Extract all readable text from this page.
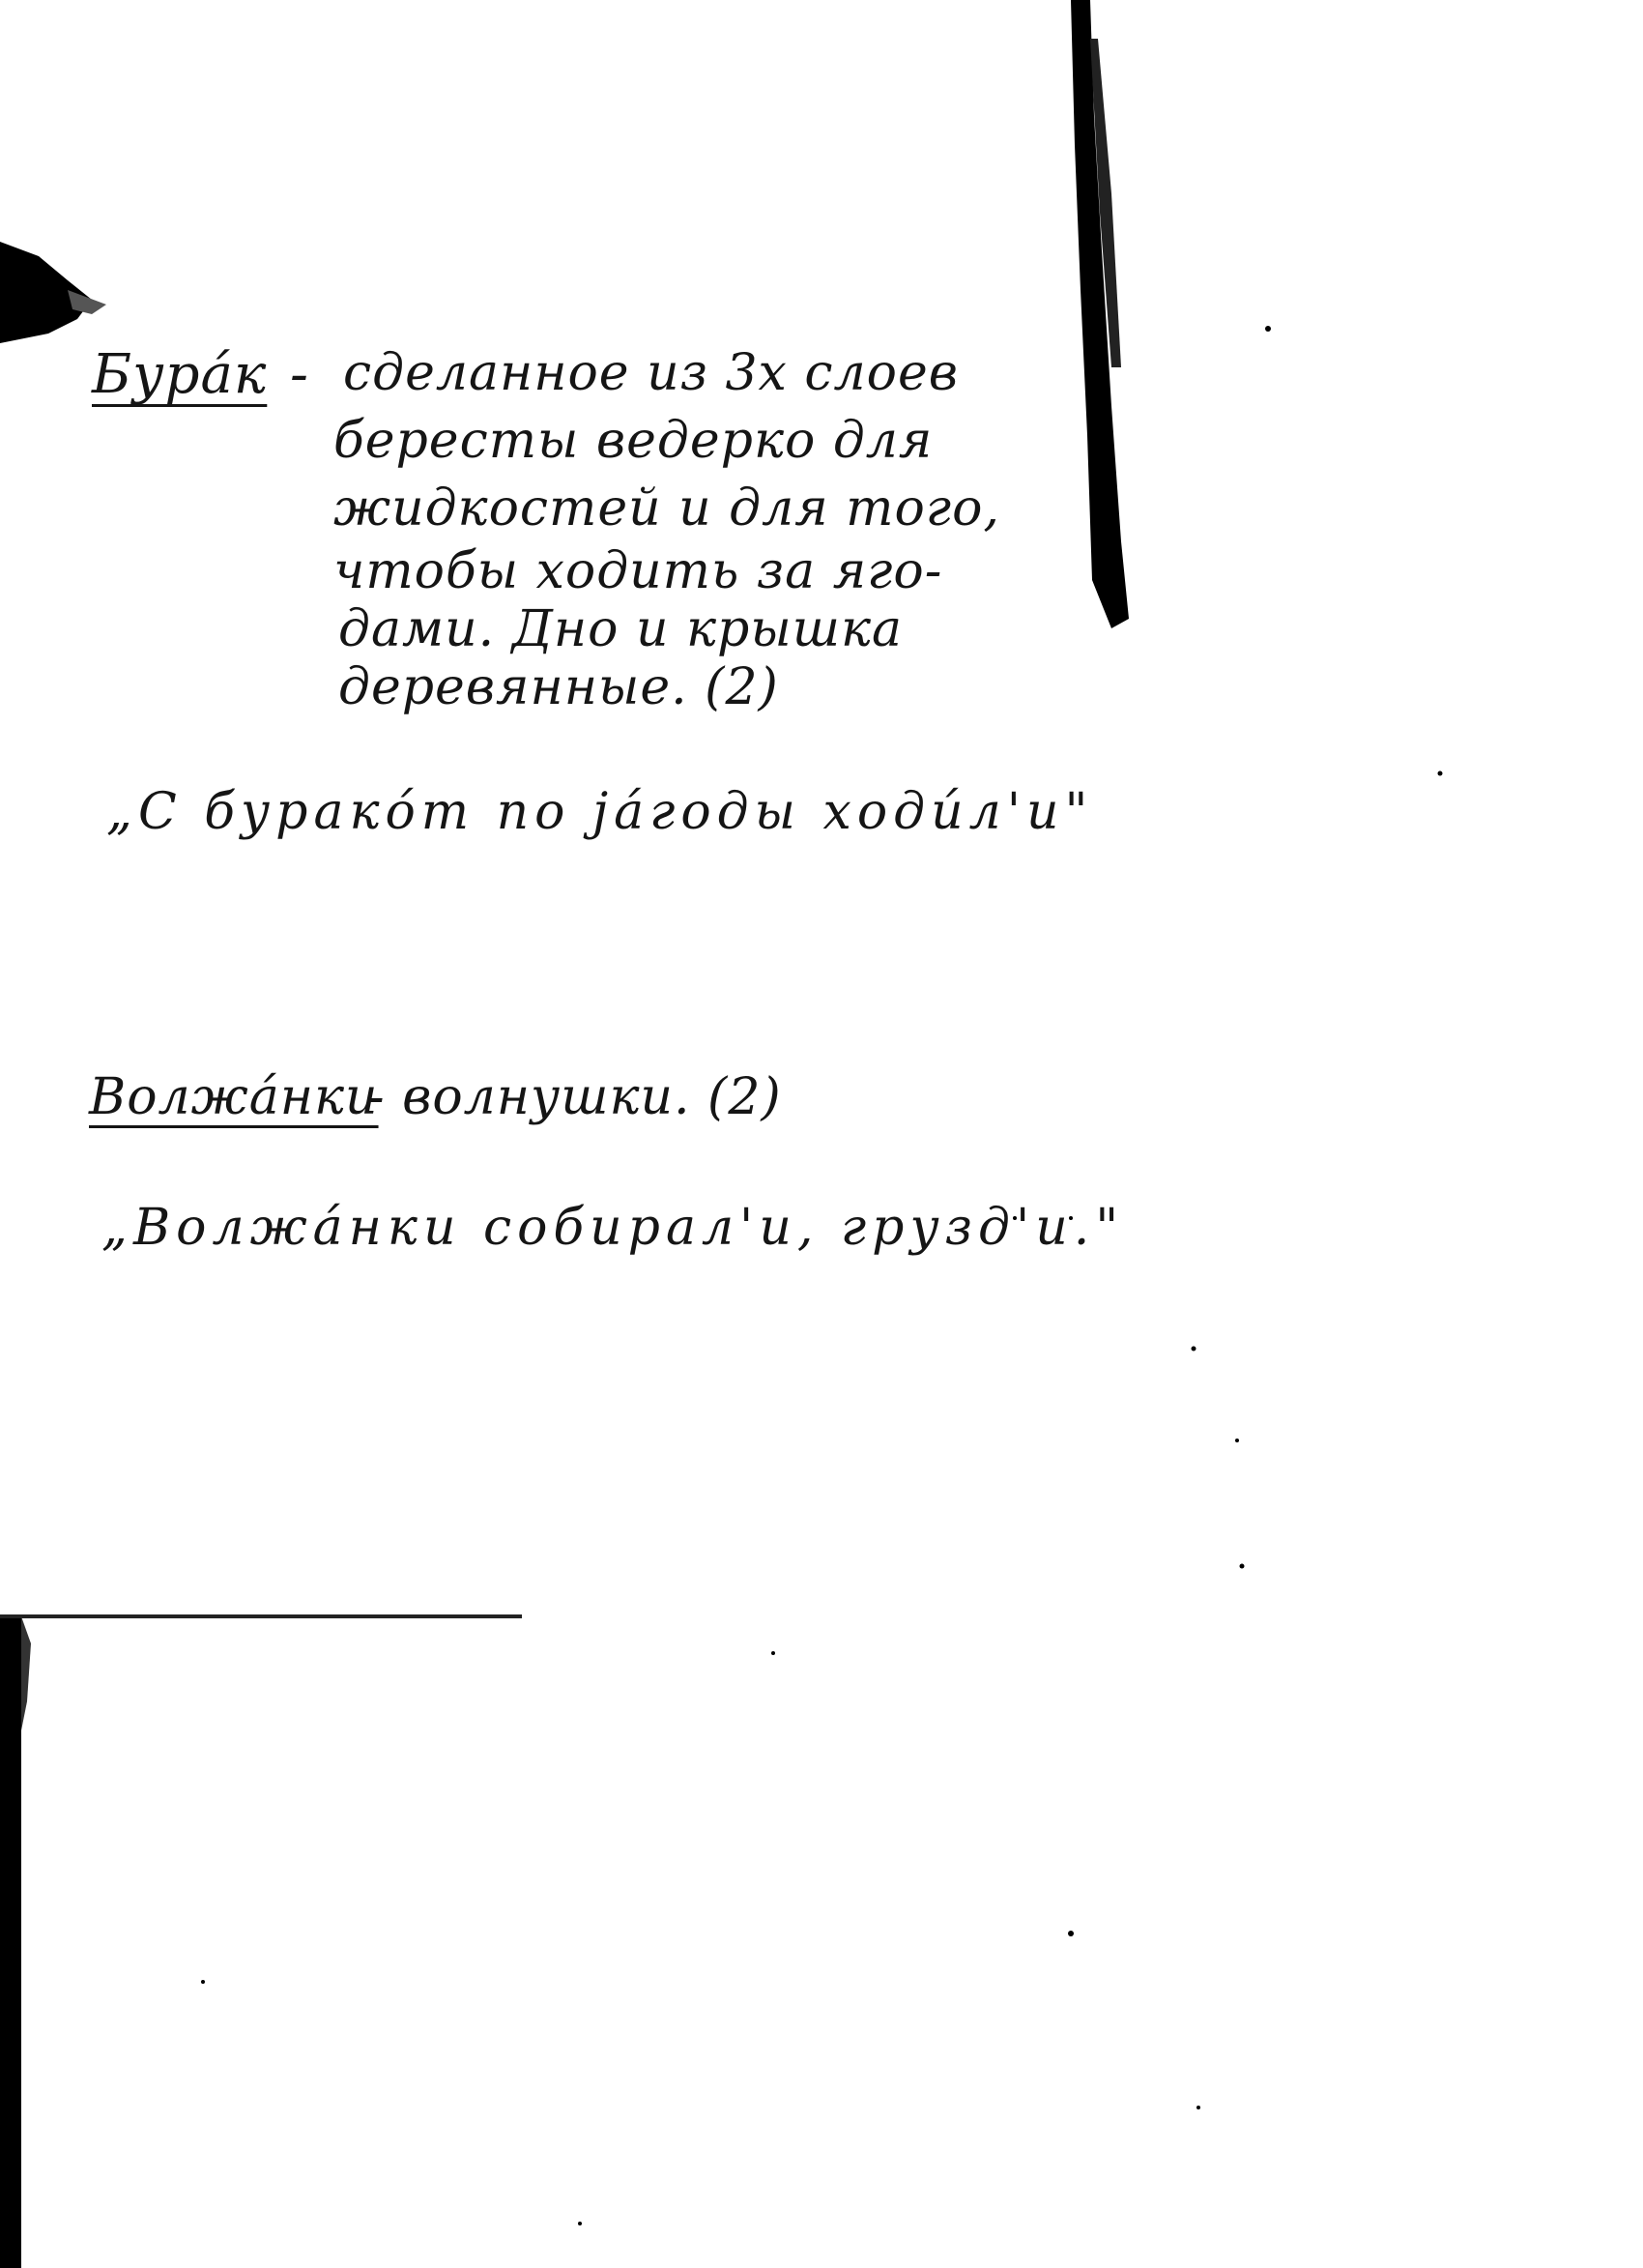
Бура́к - сделанное из 3х слоев
бересты ведерко для
жидкостей и для того,
чтобы ходить за яго-
дами. Дно и крышка
деревянные. (2)
„С буракóт по ја́годы ходи́л'и"
Волжáнки
- волнушки. (2)
„Волжáнки собирал'и, грузд'и."
